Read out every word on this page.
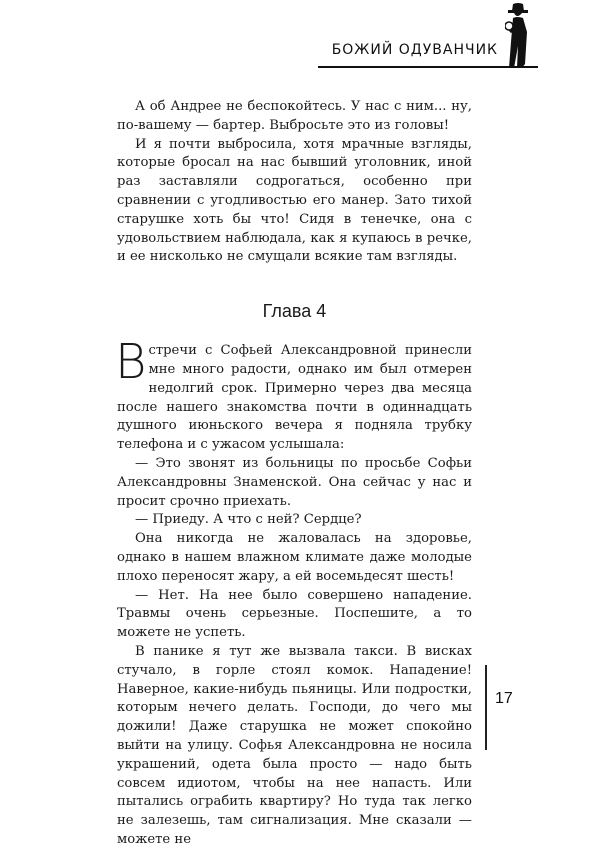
БОЖИЙ ОДУВАНЧИК

А об Андрее не беспокойтесь. У нас с ним... ну, по-вашему — бартер. Выбросьте это из головы!

И я почти выбросила, хотя мрачные взгляды, которые бросал на нас бывший уголовник, иной раз заставляли содрогаться, особенно при сравнении с угодливостью его манер. Зато тихой старушке хоть бы что! Сидя в тенечке, она с удовольствием наблюдала, как я купаюсь в речке, и ее нисколько не смущали всякие там взгляды.

Глава 4

Встречи с Софьей Александровной принесли мне много радости, однако им был отмерен недолгий срок. Примерно через два месяца после нашего знакомства почти в одиннадцать душного июньского вечера я подняла трубку телефона и с ужасом услышала:

— Это звонят из больницы по просьбе Софьи Александровны Знаменской. Она сейчас у нас и просит срочно приехать.

— Приеду. А что с ней? Сердце?

Она никогда не жаловалась на здоровье, однако в нашем влажном климате даже молодые плохо переносят жару, а ей восемьдесят шесть!

— Нет. На нее было совершено нападение. Травмы очень серьезные. Поспешите, а то можете не успеть.

В панике я тут же вызвала такси. В висках стучало, в горле стоял комок. Нападение! Наверное, какие-нибудь пьяницы. Или подростки, которым нечего делать. Господи, до чего мы дожили! Даже старушка не может спокойно выйти на улицу. Софья Александровна не носила украшений, одета была просто — надо быть совсем идиотом, чтобы на нее напасть. Или пытались ограбить квартиру? Но туда так легко не залезешь, там сигнализация. Мне сказали — можете не

17
